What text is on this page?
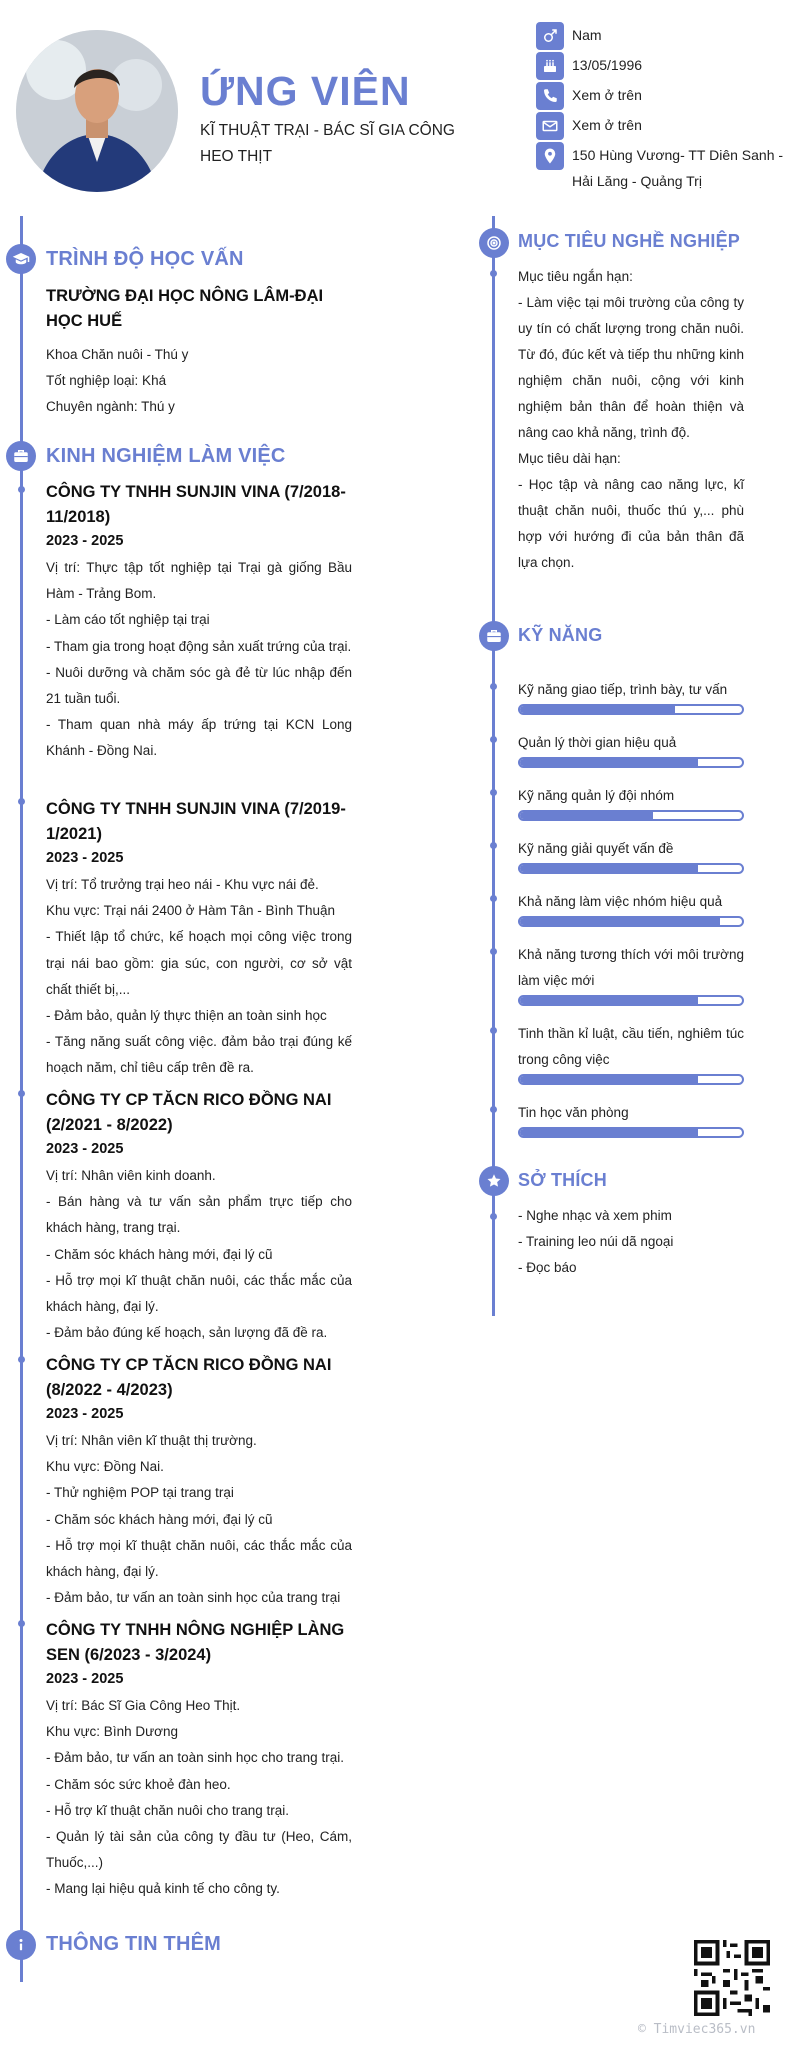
ỨNG VIÊN
KĨ THUẬT TRẠI - BÁC SĨ GIA CÔNG HEO THỊT
Nam
13/05/1996
Xem ở trên
Xem ở trên
150 Hùng Vương- TT Diên Sanh - Hải Lăng - Quảng Trị
TRÌNH ĐỘ HỌC VẤN
TRƯỜNG ĐẠI HỌC NÔNG LÂM-ĐẠI HỌC HUẾ
Khoa Chăn nuôi - Thú y
Tốt nghiệp loại: Khá
Chuyên ngành: Thú y
KINH NGHIỆM LÀM VIỆC
CÔNG TY TNHH SUNJIN VINA (7/2018-11/2018)
2023 - 2025
Vị trí: Thực tập tốt nghiệp tại Trại gà giống Bầu Hàm - Trảng Bom.
- Làm cáo tốt nghiệp tại trại
- Tham gia trong hoạt động sản xuất trứng của trại.
- Nuôi dưỡng và chăm sóc gà đẻ từ lúc nhập đến 21 tuần tuổi.
- Tham quan nhà máy ấp trứng tại KCN Long Khánh - Đồng Nai.
CÔNG TY TNHH SUNJIN VINA (7/2019-1/2021)
2023 - 2025
Vị trí: Tổ trưởng trại heo nái - Khu vực nái đẻ.
Khu vực: Trại nái 2400 ở Hàm Tân - Bình Thuận
- Thiết lập tổ chức, kế hoạch mọi công việc trong trại nái bao gồm: gia súc, con người, cơ sở vật chất thiết bị,...
- Đảm bảo, quản lý thực thiện an toàn sinh học
- Tăng năng suất công việc. đảm bảo trại đúng kế hoạch năm, chỉ tiêu cấp trên đề ra.
CÔNG TY CP TĂCN RICO ĐỒNG NAI (2/2021 - 8/2022)
2023 - 2025
Vị trí: Nhân viên kinh doanh.
- Bán hàng và tư vấn sản phẩm trực tiếp cho khách hàng, trang trại.
- Chăm sóc khách hàng mới, đại lý cũ
- Hỗ trợ mọi kĩ thuật chăn nuôi, các thắc mắc của khách hàng, đại lý.
- Đảm bảo đúng kế hoạch, sản lượng đã đề ra.
CÔNG TY CP TĂCN RICO ĐỒNG NAI (8/2022 - 4/2023)
2023 - 2025
Vị trí: Nhân viên kĩ thuật thị trường.
Khu vực: Đồng Nai.
- Thử nghiệm POP tại trang trại
- Chăm sóc khách hàng mới, đại lý cũ
- Hỗ trợ mọi kĩ thuật chăn nuôi, các thắc mắc của khách hàng, đại lý.
- Đảm bảo, tư vấn an toàn sinh học của trang trại
CÔNG TY TNHH NÔNG NGHIỆP LÀNG SEN (6/2023 - 3/2024)
2023 - 2025
Vị trí: Bác Sĩ Gia Công Heo Thịt.
Khu vực: Bình Dương
- Đảm bảo, tư vấn an toàn sinh học cho trang trại.
- Chăm sóc sức khoẻ đàn heo.
- Hỗ trợ kĩ thuật chăn nuôi cho trang trại.
- Quản lý tài sản của công ty đầu tư (Heo, Cám, Thuốc,...)
- Mang lại hiệu quả kinh tế cho công ty.
THÔNG TIN THÊM
MỤC TIÊU NGHỀ NGHIỆP
Mục tiêu ngắn hạn:
- Làm việc tại môi trường của công ty uy tín có chất lượng trong chăn nuôi. Từ đó, đúc kết và tiếp thu những kinh nghiệm chăn nuôi, cộng với kinh nghiệm bản thân để hoàn thiện và nâng cao khả năng, trình độ.
Mục tiêu dài hạn:
- Học tập và nâng cao năng lực, kĩ thuật chăn nuôi, thuốc thú y,... phù hợp với hướng đi của bản thân đã lựa chọn.
KỸ NĂNG
Kỹ năng giao tiếp, trình bày, tư vấn
Quản lý thời gian hiệu quả
Kỹ năng quản lý đội nhóm
Kỹ năng giải quyết vấn đề
Khả năng làm việc nhóm hiệu quả
Khả năng tương thích với môi trường làm việc mới
Tinh thần kỉ luật, cầu tiến, nghiêm túc trong công việc
Tin học văn phòng
SỞ THÍCH
- Nghe nhạc và xem phim
- Training leo núi dã ngoại
- Đọc báo
© Timviec365.vn
